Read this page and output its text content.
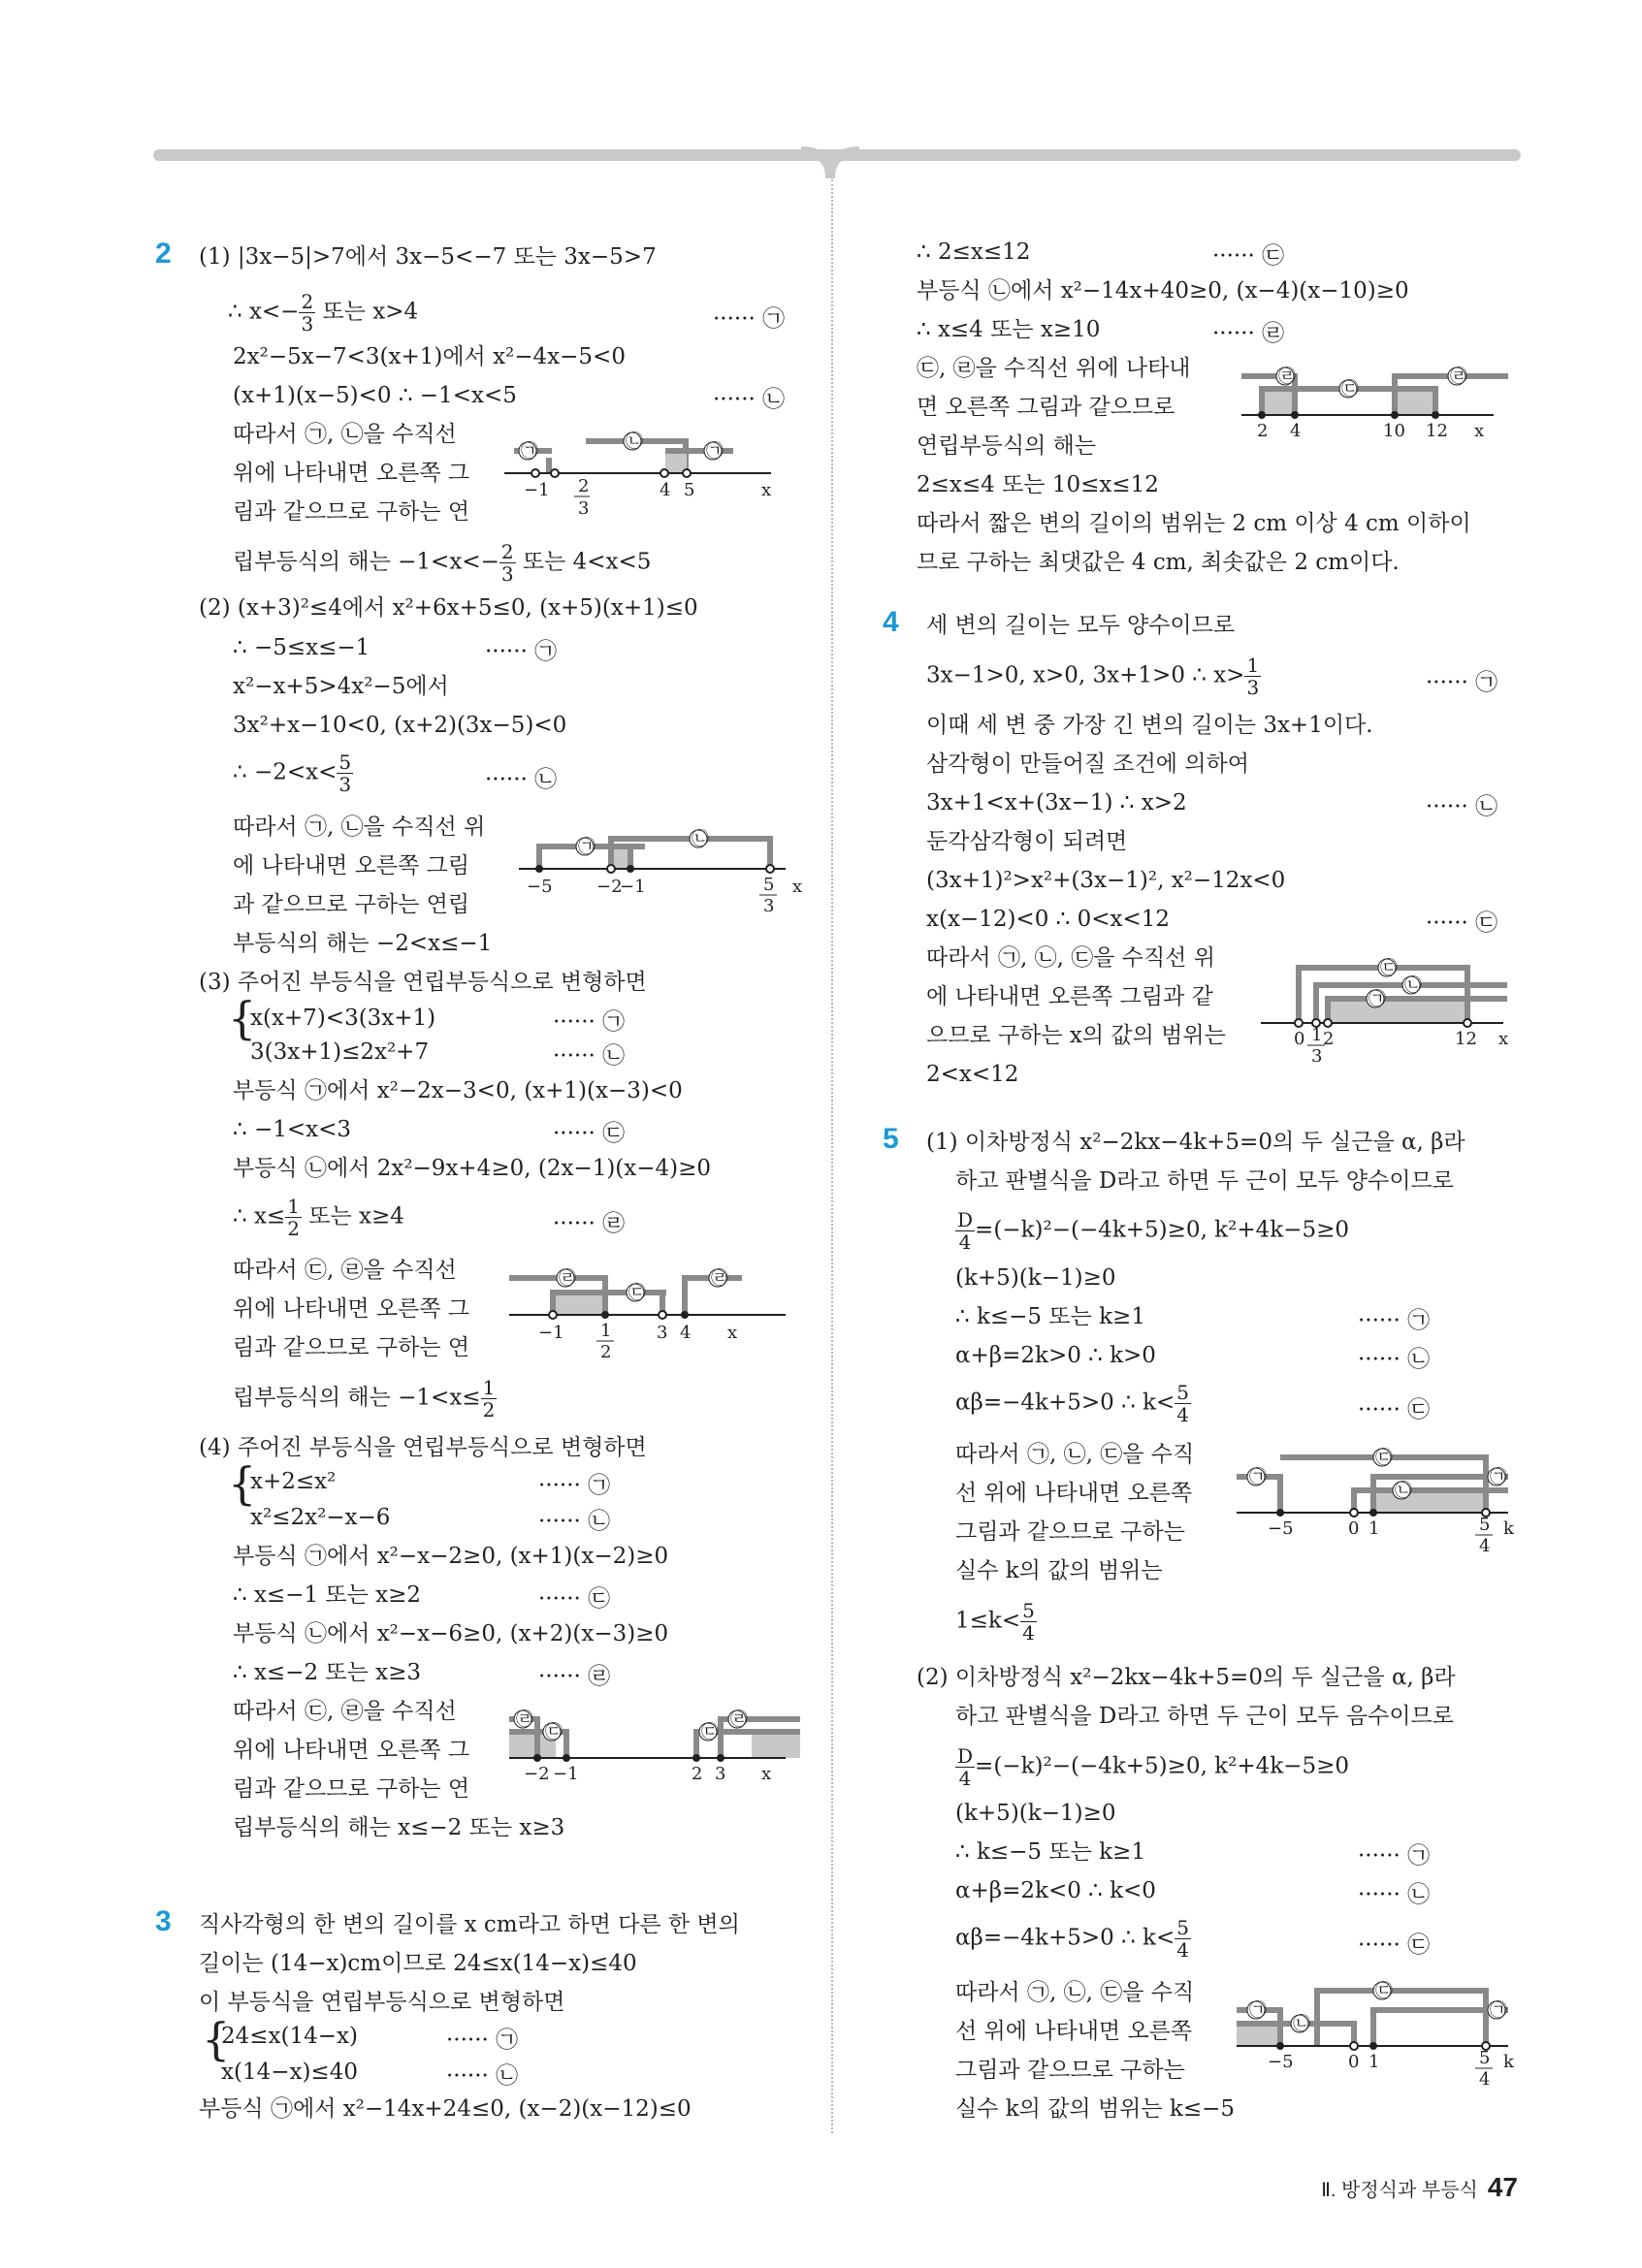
2 (1) |3x−5|>7에서 3x−5<−7 또는 3x−5>7
∴ $x<- \frac{2}{3}$ 또는 x>4	······ ㉠
2x²−5x−7<3(x+1)에서 x²−4x−5<0
(x+1)(x−5)<0 ∴ −1<x<5	······ ㉡
따라서 ㉠, ㉡을 수직선
위에 나타내면 오른쪽 그
림과 같으므로 구하는 연
립부등식의 해는 $-1<x<- \frac{2}{3}$ 또는 4<x<5
㉠	㉡	㉠
−1	4 5	x
2
3
(2) (x+3)²≤4에서 x²+6x+5≤0, (x+5)(x+1)≤0
∴ −5≤x≤−1	······ ㉠
x²−x+5>4x²−5에서
3x²+x−10<0, (x+2)(3x−5)<0
∴ $-2<x< \frac{5}{3}$	······ ㉡
따라서 ㉠, ㉡을 수직선 위
에 나타내면 오른쪽 그림
과 같으므로 구하는 연립
부등식의 해는 −2<x≤−1
㉠	㉡
−5	−2
−1	x
5
3
(3) 주어진 부등식을 연립부등식으로 변형하면
{
x(x+7)<3(3x+1)	······ ㉠
3(3x+1)≤2x²+7	······ ㉡
부등식 ㉠에서 x²−2x−3<0, (x+1)(x−3)<0
∴ −1<x<3	······ ㉢
부등식 ㉡에서 2x²−9x+4≥0, (2x−1)(x−4)≥0
∴ $x\le \frac{1}{2}$ 또는 x≥4	······ ㉣
따라서 ㉢, ㉣을 수직선
위에 나타내면 오른쪽 그
림과 같으므로 구하는 연
립부등식의 해는 $-1<x\le \frac{1}{2}$
㉣
㉢
㉣
−1	3 4 x
1
2
(4) 주어진 부등식을 연립부등식으로 변형하면
{
x+2≤x²	······ ㉠
x²≤2x²−x−6	······ ㉡
부등식 ㉠에서 x²−x−2≥0, (x+1)(x−2)≥0
∴ x≤−1 또는 x≥2	······ ㉢
부등식 ㉡에서 x²−x−6≥0, (x+2)(x−3)≥0
∴ x≤−2 또는 x≥3	······ ㉣
따라서 ㉢, ㉣을 수직선
위에 나타내면 오른쪽 그
림과 같으므로 구하는 연
립부등식의 해는 x≤−2 또는 x≥3
㉣
㉢	㉢
㉣
−2 −1	2 3 x
3 직사각형의 한 변의 길이를 x cm라고 하면 다른 한 변의
길이는 (14−x)cm이므로 24≤x(14−x)≤40
이 부등식을 연립부등식으로 변형하면
{
24≤x(14−x)	······ ㉠
x(14−x)≤40	······ ㉡
부등식 ㉠에서 x²−14x+24≤0, (x−2)(x−12)≤0
∴ 2≤x≤12	······ ㉢
부등식 ㉡에서 x²−14x+40≥0, (x−4)(x−10)≥0
∴ x≤4 또는 x≥10	······ ㉣
㉢, ㉣을 수직선 위에 나타내
면 오른쪽 그림과 같으므로
연립부등식의 해는
2≤x≤4 또는 10≤x≤12
따라서 짧은 변의 길이의 범위는 2 cm 이상 4 cm 이하이
므로 구하는 최댓값은 4 cm, 최솟값은 2 cm이다.
㉣
㉢
㉣
2 4	10 12 x
4 세 변의 길이는 모두 양수이므로
3x−1>0, x>0, 3x+1>0 ∴ $x> \frac{1}{3}$	······ ㉠
이때 세 변 중 가장 긴 변의 길이는 3x+1이다.
삼각형이 만들어질 조건에 의하여
3x+1<x+(3x−1) ∴ x>2	······ ㉡
둔각삼각형이 되려면
(3x+1)²>x²+(3x−1)², x²−12x<0
x(x−12)<0 ∴ 0<x<12	······ ㉢
따라서 ㉠, ㉡, ㉢을 수직선 위
에 나타내면 오른쪽 그림과 같
으므로 구하는 x의 값의 범위는
2<x<12
㉢
㉡
㉠
0 2	12 x
1
3
5 (1) 이차방정식 x²−2kx−4k+5=0의 두 실근을 α, β라
하고 판별식을 D라고 하면 두 근이 모두 양수이므로
$\frac{D}{4} =(-k)^2-(-4k+5)\ge 0$, k²+4k−5≥0
(k+5)(k−1)≥0
∴ k≤−5 또는 k≥1	······ ㉠
α+β=2k>0 ∴ k>0	······ ㉡
αβ=−4k+5>0 ∴ $k< \frac{5}{4}$	······ ㉢
따라서 ㉠, ㉡, ㉢을 수직
선 위에 나타내면 오른쪽
그림과 같으므로 구하는
실수 k의 값의 범위는
$1\le k< \frac{5}{4}$
㉢
㉠
㉡
㉠
−5	0 1	k
5
4
(2) 이차방정식 x²−2kx−4k+5=0의 두 실근을 α, β라
하고 판별식을 D라고 하면 두 근이 모두 음수이므로
$\frac{D}{4} =(-k)^2-(-4k+5)\ge 0$, k²+4k−5≥0
(k+5)(k−1)≥0
∴ k≤−5 또는 k≥1	······ ㉠
α+β=2k<0 ∴ k<0	······ ㉡
αβ=−4k+5>0 ∴ $k< \frac{5}{4}$	······ ㉢
따라서 ㉠, ㉡, ㉢을 수직
선 위에 나타내면 오른쪽
그림과 같으므로 구하는
실수 k의 값의 범위는 k≤−5
㉢
㉠
㉡
㉠
−5	0 1	k
5
4
Ⅱ. 방정식과 부등식 47
